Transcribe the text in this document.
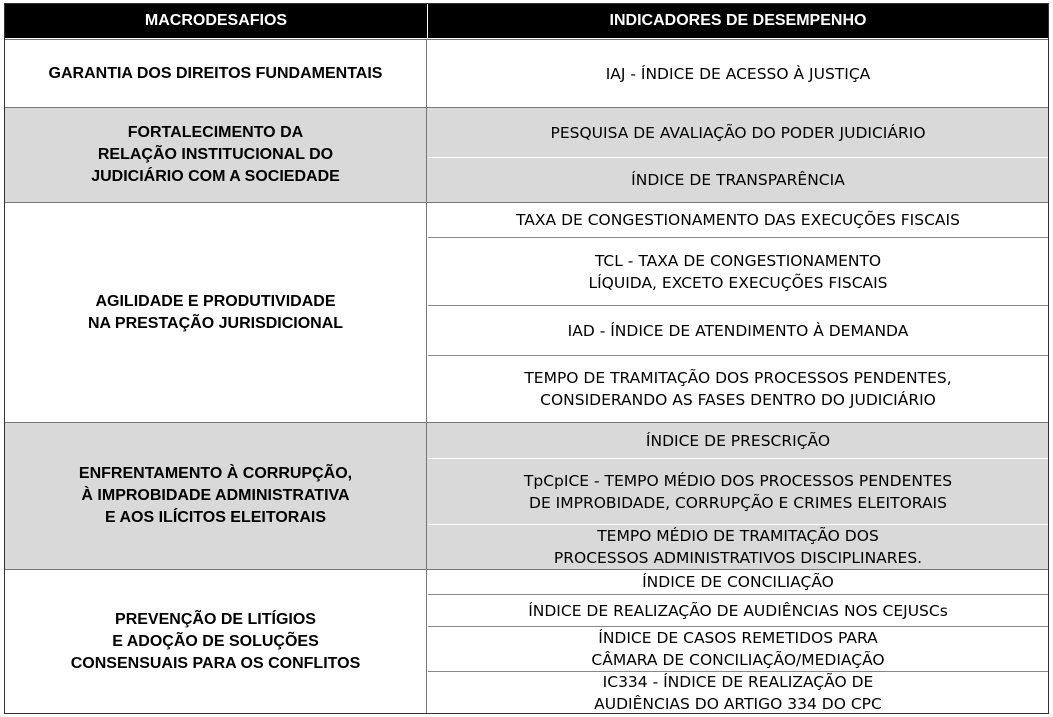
MACRODESAFIOS	INDICADORES DE DESEMPENHO
GARANTIA DOS DIREITOS FUNDAMENTAIS	IAJ - ÍNDICE DE ACESSO À JUSTIÇA
FORTALECIMENTO DA
RELAÇÃO INSTITUCIONAL DO
JUDICIÁRIO COM A SOCIEDADE
PESQUISA DE AVALIAÇÃO DO PODER JUDICIÁRIO
ÍNDICE DE TRANSPARÊNCIA
AGILIDADE E PRODUTIVIDADE
NA PRESTAÇÃO JURISDICIONAL
TAXA DE CONGESTIONAMENTO DAS EXECUÇÕES FISCAIS
TCL - TAXA DE CONGESTIONAMENTO
LÍQUIDA, EXCETO EXECUÇÕES FISCAIS
IAD - ÍNDICE DE ATENDIMENTO À DEMANDA
TEMPO DE TRAMITAÇÃO DOS PROCESSOS PENDENTES,
CONSIDERANDO AS FASES DENTRO DO JUDICIÁRIO
ENFRENTAMENTO À CORRUPÇÃO,
À IMPROBIDADE ADMINISTRATIVA
E AOS ILÍCITOS ELEITORAIS
ÍNDICE DE PRESCRIÇÃO
TpCpICE - TEMPO MÉDIO DOS PROCESSOS PENDENTES
DE IMPROBIDADE, CORRUPÇÃO E CRIMES ELEITORAIS
TEMPO MÉDIO DE TRAMITAÇÃO DOS
PROCESSOS ADMINISTRATIVOS DISCIPLINARES.
PREVENÇÃO DE LITÍGIOS
E ADOÇÃO DE SOLUÇÕES
CONSENSUAIS PARA OS CONFLITOS
ÍNDICE DE CONCILIAÇÃO
ÍNDICE DE REALIZAÇÃO DE AUDIÊNCIAS NOS CEJUSCs
ÍNDICE DE CASOS REMETIDOS PARA
CÂMARA DE CONCILIAÇÃO/MEDIAÇÃO
IC334 - ÍNDICE DE REALIZAÇÃO DE
AUDIÊNCIAS DO ARTIGO 334 DO CPC
